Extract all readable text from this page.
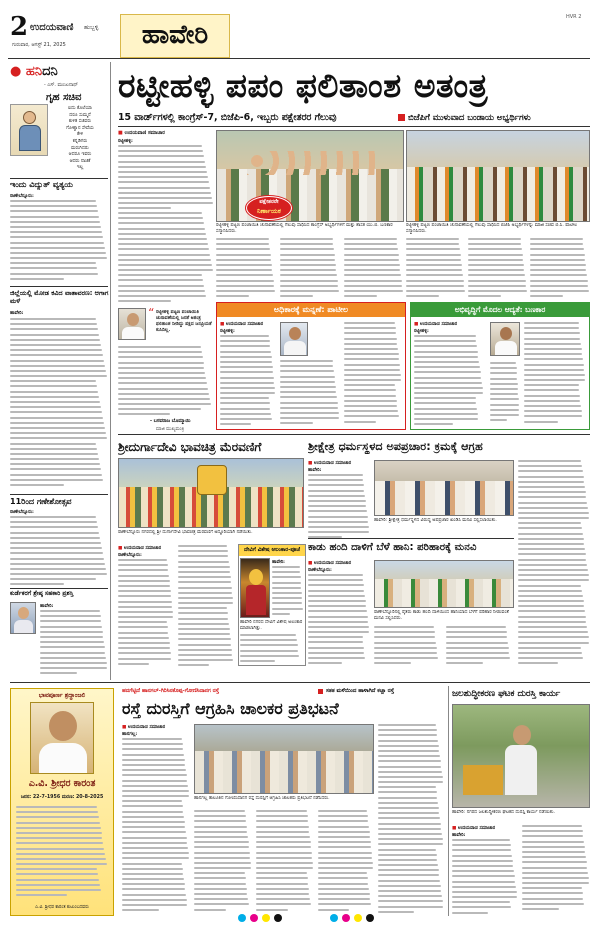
2 ಉದಯವಾಣಿ ಹುಬ್ಬಳ್ಳಿ
ಗುರುವಾರ, ಆಗಸ್ಟ್ 21, 2025	ಹಾವೇರಿ
HVR 2
● ಹನಿದನಿ
- ಎಸ್. ಮಂಜುನಾಥ್
ಗೃಹ ಸಚಿವ
ಐದು ಕೊಲೆಯಾ
ದರೂ ಸುಮ್ಮನೆ
ಕುಳಿತ ಸಚಿವರು
ಗೋಶ್ವಾನ ಸೇವೆಯ
ಕೇಳಿ
ಕನ್ನಡಿಗರು
ಮರುಗಿದರು
ಆದರೂ ಇವರು
ಆದರು ನಾಚಿಕೆ
ಇಲ್ಲ
ಇಂದು ವಿದ್ಯುತ್ ವ್ಯತ್ಯಯ
ರಾಣೇಬೆನ್ನೂರು:
ಜಿಲ್ಲೆಯಲ್ಲಿ ಮೋಡ ಕವಿದ ವಾತಾವರಣ: ಆಗಾಗ ಮಳೆ
ಹಾವೇರಿ:
11ರಿಂದ ಗಣೇಶೋತ್ಸವ
ರಾಣೇಬೆನ್ನೂರು:
ಕುರ್ಡೆಕರಗೆ ಶ್ರೇಷ್ಠ ಸಹಕಾರಿ ಪ್ರಶಸ್ತಿ
ಹಾವೇರಿ:
ರಟ್ಟೀಹಳ್ಳಿ ಪಪಂ ಫಲಿತಾಂಶ ಅತಂತ್ರ
15 ವಾರ್ಡ್‌ಗಳಲ್ಲಿ ಕಾಂಗ್ರೆಸ್-7, ಬಿಜೆಪಿ-6, ಇಬ್ಬರು ಪಕ್ಷೇತರರ ಗೆಲುವು	ಬಿಜೆಪಿಗೆ ಮುಳುವಾದ ಬಂಡಾಯ ಅಭ್ಯರ್ಥಿಗಳು
■ ಉದಯವಾಣಿ ಸಮಾಚಾರ
ರಟ್ಟೀಹಳ್ಳಿ:
ಪಕ್ಷೇತರರೇ
ನಿರ್ಣಾಯಕ
ರಟ್ಟೀಹಳ್ಳಿ ಪಟ್ಟಣ ಪಂಚಾಯಿತಿ ಚುನಾವಣೆಯಲ್ಲಿ ಗೆಲುವು ಸಾಧಿಸಿದ ಕಾಂಗ್ರೆಸ್ ಅಭ್ಯರ್ಥಿಗಳಿಗೆ ಮತ್ತು ಶಾಸಕ ಯು.ಬಿ. ಬಣಕಾರ ಸನ್ಮಾನಿಸಿದರು.
ರಟ್ಟೀಹಳ್ಳಿ ಪಟ್ಟಣ ಪಂಚಾಯಿತಿ ಚುನಾವಣೆಯಲ್ಲಿ ಗೆಲುವು ಸಾಧಿಸಿದ ಬಿಜೆಪಿ ಅಭ್ಯರ್ಥಿಗಳನ್ನು ಮಾಜಿ ಸಚಿವ ಬಿ.ಸಿ. ಪಾಟೀಲ ಸನ್ಮಾನಿಸಿದರು.
“ ರಟ್ಟೀಹಳ್ಳಿ ಪಟ್ಟಣ ಪಂಚಾಯಿತಿ ಚುನಾವಣೆಯಲ್ಲಿ ಜನತೆ ಅತಂತ್ರ ಫಲಿತಾಂಶ ನೀಡಿದ್ದು ಪಕ್ಷದ ಜನಪ್ರಿಯತೆ ಕುಸಿದಿಲ್ಲ.
- ಬಸವರಾಜ ಬೊಮ್ಮಾಯಿ
ಮಾಜಿ ಮುಖ್ಯಮಂತ್ರಿ
ಅಧಿಕಾರಕ್ಕೆ ಮನ್ನಣೆ: ಪಾಟೀಲ
■ ಉದಯವಾಣಿ ಸಮಾಚಾರ
ರಟ್ಟೀಹಳ್ಳಿ:
ಅಭಿವೃದ್ಧಿಗೆ ಮೊದಲ ಆದ್ಯತೆ: ಬಣಕಾರ
■ ಉದಯವಾಣಿ ಸಮಾಚಾರ
ರಟ್ಟೀಹಳ್ಳಿ:
ಶ್ರೀದುರ್ಗಾದೇವಿ ಭಾವಚಿತ್ರ ಮೆರವಣಿಗೆ
ರಾಣೇಬೆನ್ನೂರು ನಗರದಲ್ಲಿ ಶ್ರೀ ದುರ್ಗಾದೇವಿ ಭಾವಚಿತ್ರ ಮೆರವಣಿಗೆ ಅದ್ಧೂರಿಯಾಗಿ ನಡೆಯಿತು.
■ ಉದಯವಾಣಿ ಸಮಾಚಾರ
ರಾಣೇಬೆನ್ನೂರು:
ದೇವಿಗೆ ವಿಶೇಷ ಅಲಂಕಾರ-ಪೂಜೆ
ಹಾವೇರಿ:
ಹಾವೇರಿ ನಗರದ ದೇವಿಗೆ ವಿಶೇಷ ಅಲಂಕಾರ ಮಾಡಲಾಗಿತ್ತು.
ಶ್ರೀಕ್ಷೇತ್ರ ಧರ್ಮಸ್ಥಳದ ಅಪಪ್ರಚಾರ: ಕ್ರಮಕ್ಕೆ ಆಗ್ರಹ
■ ಉದಯವಾಣಿ ಸಮಾಚಾರ
ಹಾವೇರಿ:
ಹಾವೇರಿ: ಶ್ರೀಕ್ಷೇತ್ರ ಧರ್ಮಸ್ಥಳದ ವಿರುದ್ಧ ಅಪಪ್ರಚಾರ ಖಂಡಿಸಿ ಮನವಿ ಸಲ್ಲಿಸಲಾಯಿತು.
ಕಾಡು ಹಂದಿ ದಾಳಿಗೆ ಬೆಳೆ ಹಾನಿ: ಪರಿಹಾರಕ್ಕೆ ಮನವಿ
■ ಉದಯವಾಣಿ ಸಮಾಚಾರ
ರಾಣೇಬೆನ್ನೂರು:
ರಾಣೇಬೆನ್ನೂರಿನಲ್ಲಿ ರೈತರು ಕಾಡು ಹಂದಿ ದಾಳಿಯಿಂದ ಹಾನಿಯಾದ ಬೆಳೆಗೆ ಪರಿಹಾರ ನೀಡುವಂತೆ ಮನವಿ ಸಲ್ಲಿಸಿದರು.
ಭಾವಪೂರ್ಣ ಶ್ರದ್ಧಾಂಜಲಿ
ಎ.ವಿ. ಶ್ರೀಧರ ಕಾರಂತ
ಜನನ: 22-7-1956 ಮರಣ: 20-8-2025
ಎ.ವಿ. ಶ್ರೀಧರ ಕಾರಂತ ಕುಟುಂಬದವರು
ಹದಗೆಟ್ಟಿದೆ ಹಾನಗಲ್-ಗಿರಿಸಿನಕೊಪ್ಪ-ಗೋಣಿಸಿದಾನಗ ರಸ್ತೆ	ಸತತ ಮಳೆಯಿಂದ ಹಾಳಾಗಿದೆ ಕಚ್ಚಾ ರಸ್ತೆ
ರಸ್ತೆ ದುರಸ್ತಿಗೆ ಆಗ್ರಹಿಸಿ ಚಾಲಕರ ಪ್ರತಿಭಟನೆ
■ ಉದಯವಾಣಿ ಸಮಾಚಾರ
ಹಾನಗಲ್ಲ:
ಹಾನಗಲ್ಲ ತಾಲೂಕಿನ ಗೋಣಿಸಿದಾನಗ ರಸ್ತೆ ದುರಸ್ತಿಗೆ ಆಗ್ರಹಿಸಿ ಚಾಲಕರು ಪ್ರತಿಭಟನೆ ನಡೆಸಿದರು.
ಜಲಶುದ್ಧೀಕರಣ ಘಟಕ ದುರಸ್ತಿ ಕಾರ್ಯ
ಹಾವೇರಿ: ನಗರದ ಜಲಶುದ್ಧೀಕರಣ ಘಟಕದ ದುರಸ್ತಿ ಕಾರ್ಯ ನಡೆಯಿತು.
■ ಉದಯವಾಣಿ ಸಮಾಚಾರ
ಹಾವೇರಿ:
